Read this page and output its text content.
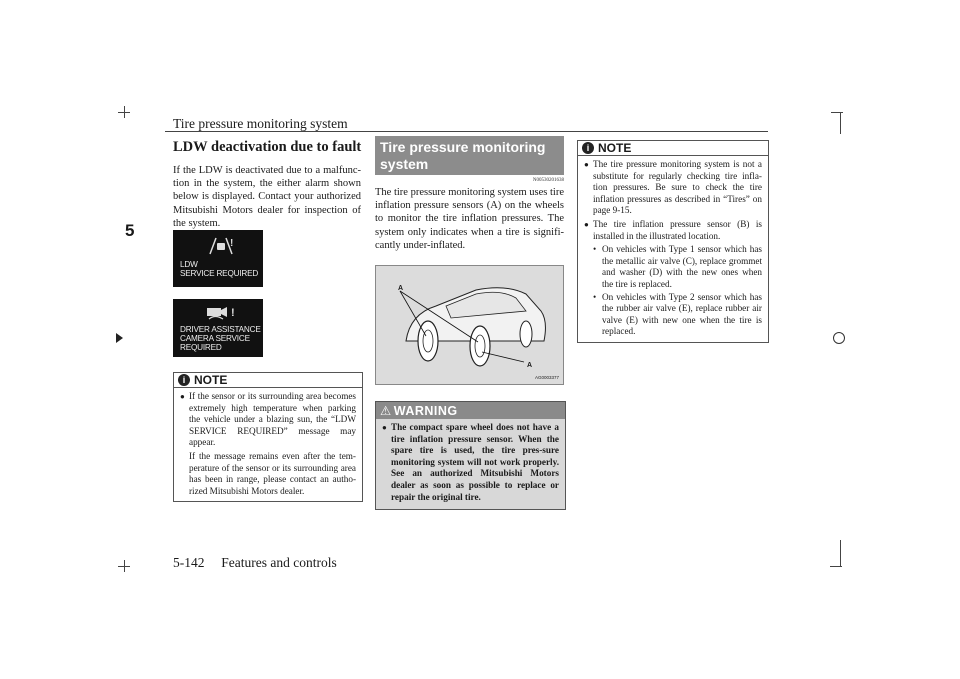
Tire pressure monitoring system
5
LDW deactivation due to fault
If the LDW is deactivated due to a malfunc-tion in the system, the either alarm shown below is displayed. Contact your authorized Mitsubishi Motors dealer for inspection of the system.
!
LDW
SERVICE REQUIRED
!
DRIVER ASSISTANCE
CAMERA SERVICE
REQUIRED
i NOTE
● If the sensor or its surrounding area becomes extremely high temperature when parking the vehicle under a blazing sun, the “LDW SERVICE REQUIRED” message may appear.
If the message remains even after the tem-perature of the sensor or its surrounding area has been in range, please contact an autho-rized Mitsubishi Motors dealer.
Tire pressure monitoring system
N00530201638
The tire pressure monitoring system uses tire inflation pressure sensors (A) on the wheels to monitor the tire inflation pressures. The system only indicates when a tire is signifi-cantly under-inflated.
A
A
AG0003377
⚠ WARNING
● The compact spare wheel does not have a tire inflation pressure sensor. When the spare tire is used, the tire pres-sure monitoring system will not work properly. See an authorized Mitsubishi Motors dealer as soon as possible to replace or repair the original tire.
i NOTE
● The tire pressure monitoring system is not a substitute for regularly checking tire infla-tion pressures. Be sure to check the tire inflation pressures as described in “Tires” on page 9-15.
● The tire inflation pressure sensor (B) is installed in the illustrated location.
• On vehicles with Type 1 sensor which has the metallic air valve (C), replace grommet and washer (D) with the new ones when the tire is replaced.
• On vehicles with Type 2 sensor which has the rubber air valve (E), replace rubber air valve (E) with new one when the tire is replaced.
5-142 Features and controls
